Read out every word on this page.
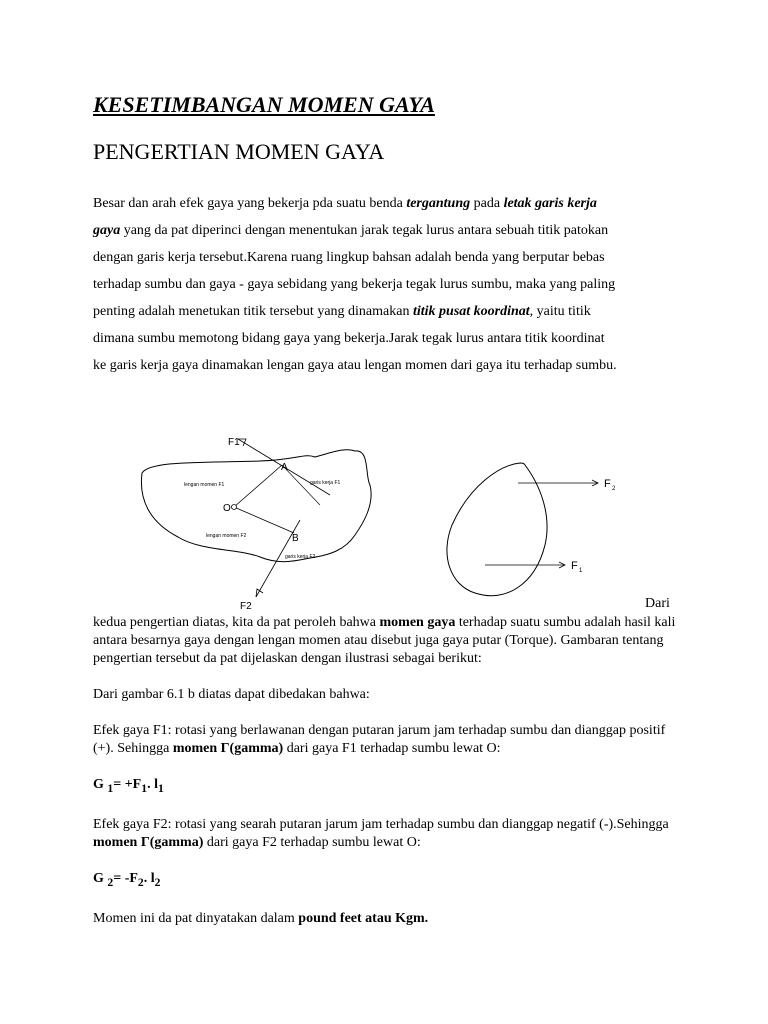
KESETIMBANGAN MOMEN GAYA
PENGERTIAN MOMEN GAYA
Besar dan arah efek gaya yang bekerja pda suatu benda tergantung pada letak garis kerja
gaya yang da pat diperinci dengan menentukan jarak tegak lurus antara sebuah titik patokan
dengan garis kerja tersebut.Karena ruang lingkup bahsan adalah benda yang berputar bebas
terhadap sumbu dan gaya - gaya sebidang yang bekerja tegak lurus sumbu, maka yang paling
penting adalah menetukan titik tersebut yang dinamakan titik pusat koordinat, yaitu titik
dimana sumbu memotong bidang gaya yang bekerja.Jarak tegak lurus antara titik koordinat
ke garis kerja gaya dinamakan lengan gaya atau lengan momen dari gaya itu terhadap sumbu.
F1
A
O
B
F2
lengan momen F1
lengan momen F2
garis kerja F1
garis kerja F2
F 2
F 1
Dari

kedua pengertian diatas, kita da pat peroleh bahwa momen gaya terhadap suatu sumbu adalah hasil kali antara besarnya gaya dengan lengan momen atau disebut juga gaya putar (Torque). Gambaran tentang pengertian tersebut da pat dijelaskan dengan ilustrasi sebagai berikut:

Dari gambar 6.1 b diatas dapat dibedakan bahwa:

Efek gaya F1: rotasi yang berlawanan dengan putaran jarum jam terhadap sumbu dan dianggap positif (+). Sehingga momen Γ(gamma) dari gaya F1 terhadap sumbu lewat O:

G $_1= +F_1$. $l_1$

Efek gaya F2: rotasi yang searah putaran jarum jam terhadap sumbu dan dianggap negatif (-).Sehingga momen Γ(gamma) dari gaya F2 terhadap sumbu lewat O:

G $_2= -F_2$. $l_2$

Momen ini da pat dinyatakan dalam pound feet atau Kgm.
